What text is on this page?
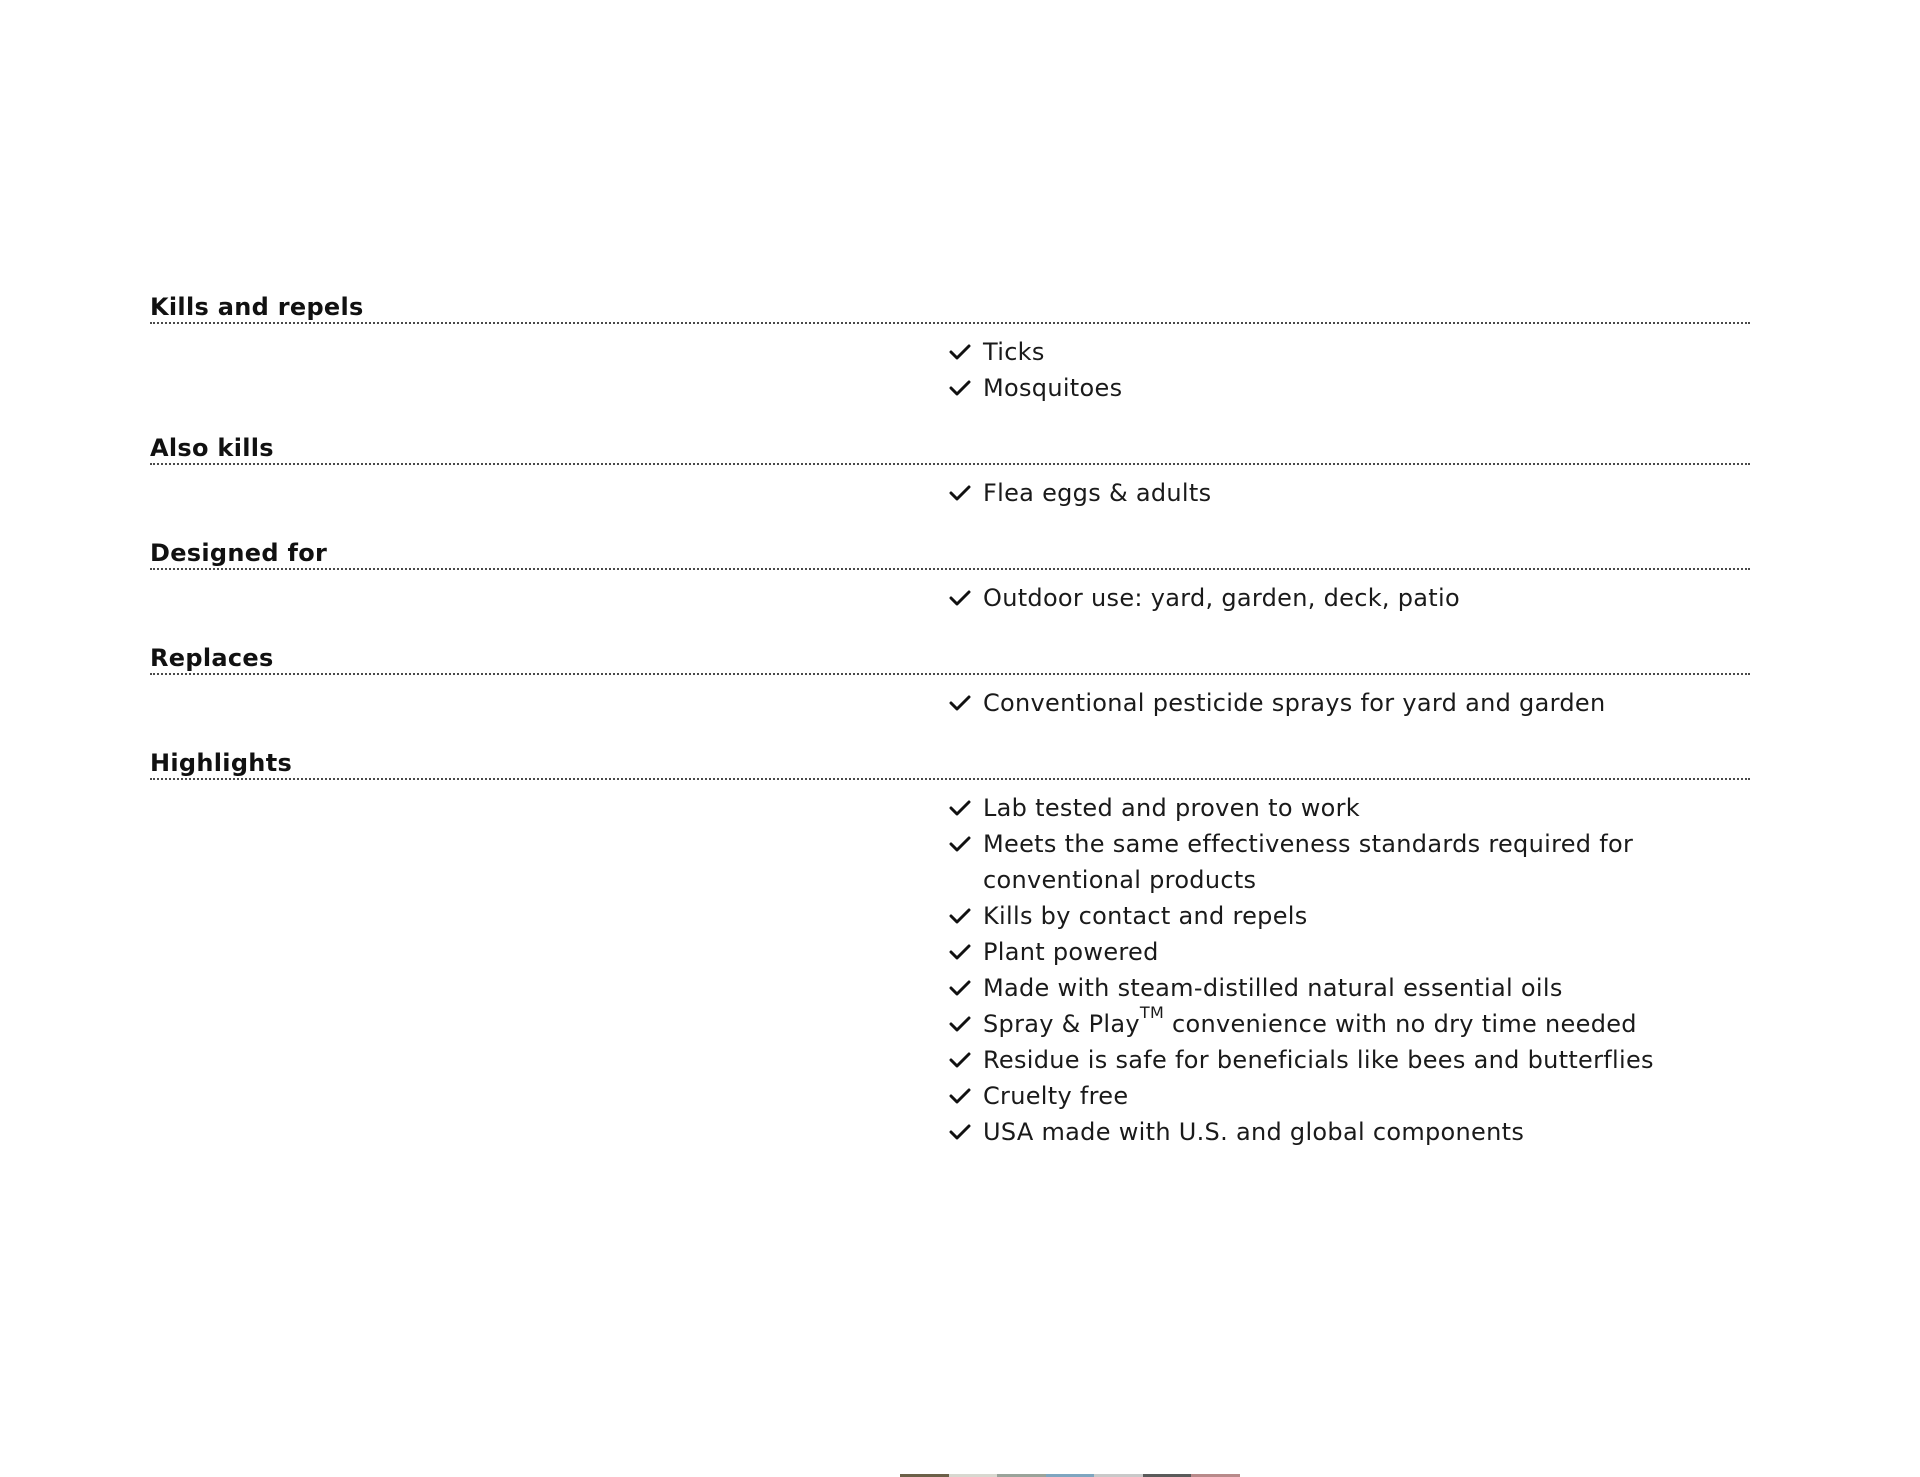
Kills and repels
Ticks
Mosquitoes
Also kills
Flea eggs & adults
Designed for
Outdoor use: yard, garden, deck, patio
Replaces
Conventional pesticide sprays for yard and garden
Highlights
Lab tested and proven to work
Meets the same effectiveness standards required for conventional products
Kills by contact and repels
Plant powered
Made with steam-distilled natural essential oils
Spray & Play™ convenience with no dry time needed
Residue is safe for beneficials like bees and butterflies
Cruelty free
USA made with U.S. and global components
